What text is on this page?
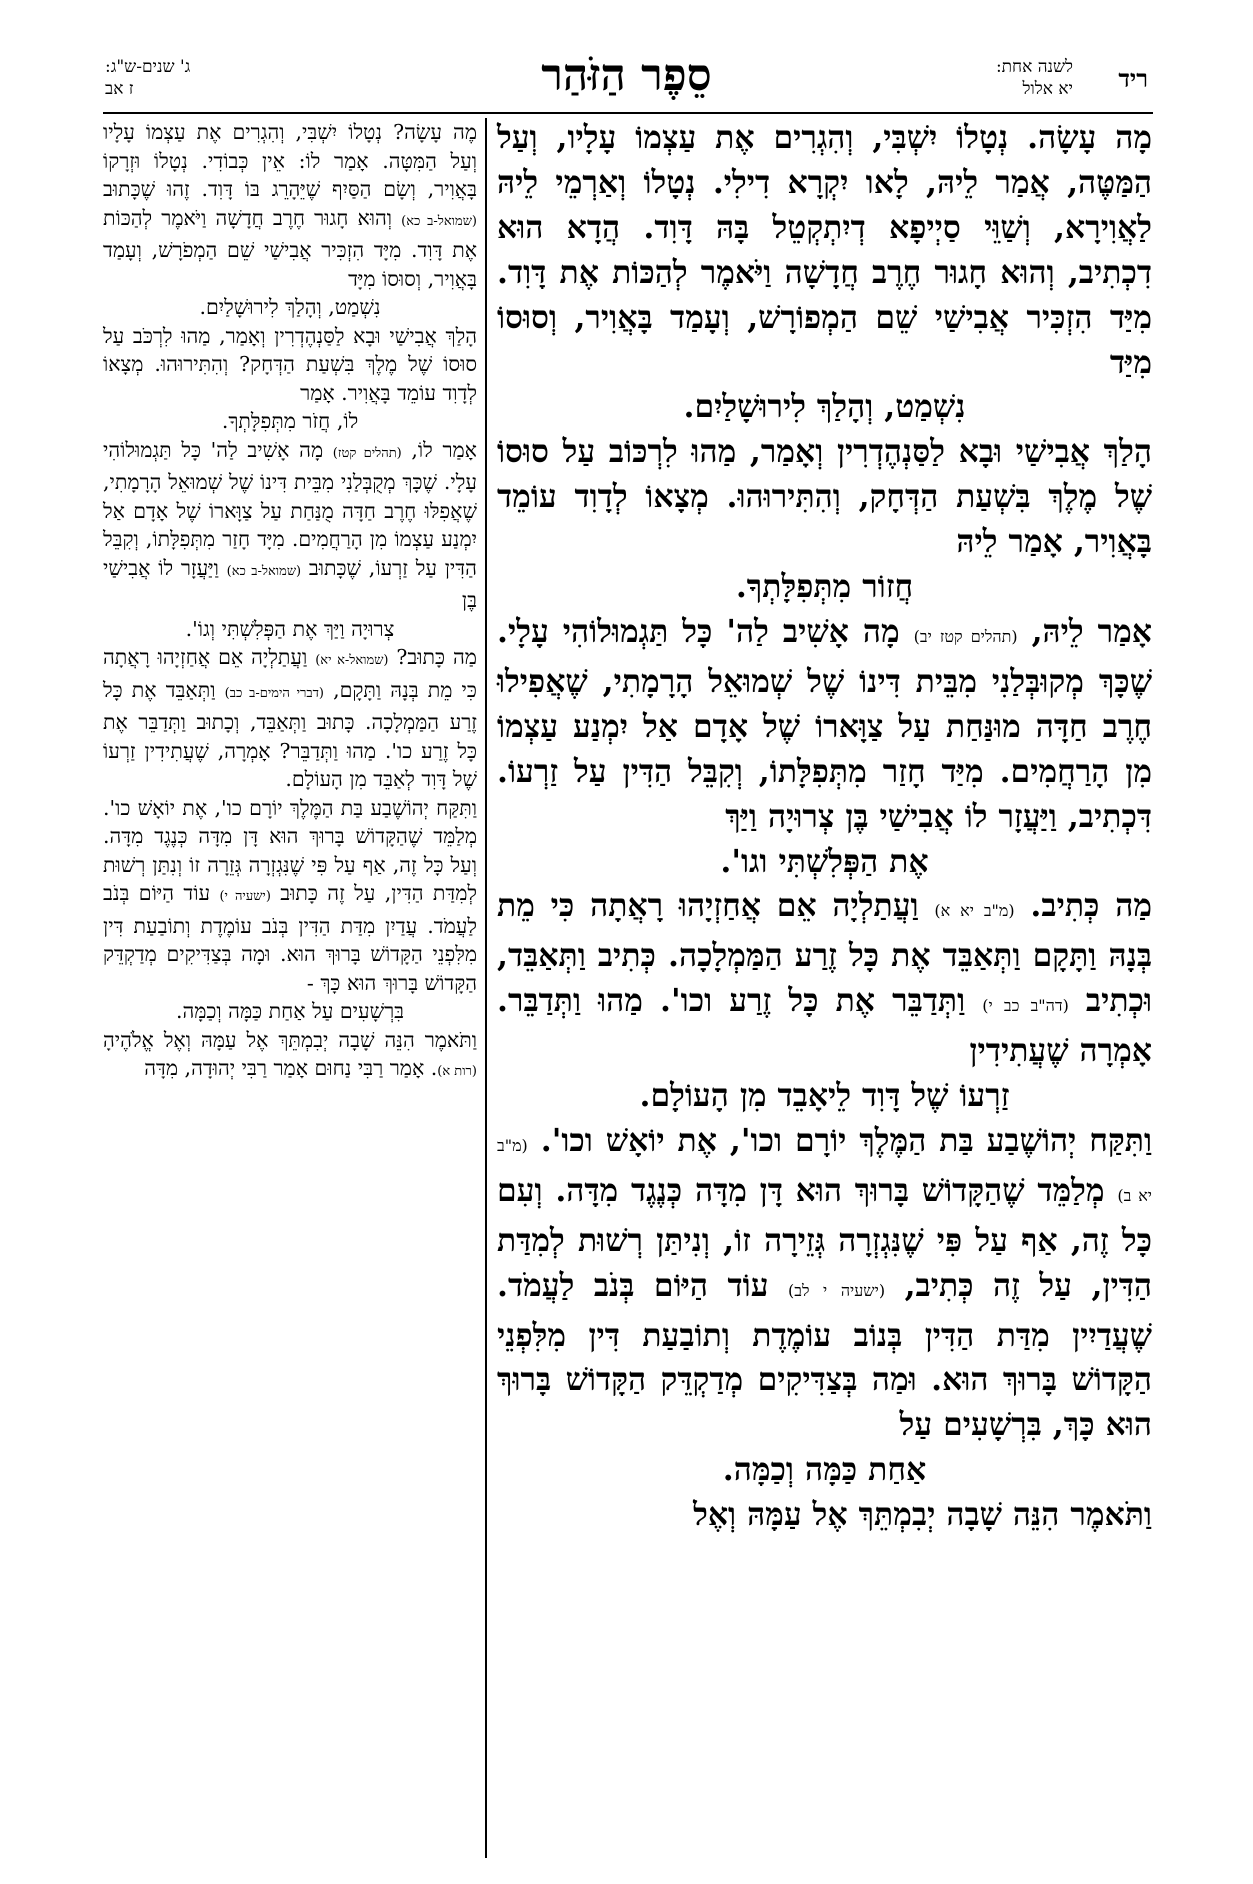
ריד
לשנה אחת:
יא אלול
סֵפֶר הַזֹּהַר
ג' שנים-ש"ג:
ז אב

מָה עָשָׂה. נְטָלוֹ יִשְׁבִּי, וְהִגְרִים אֶת עַצְמוֹ עָלָיו, וְעַל הַמַּטֶּה, אֲמַר לֵיהּ, לָאו יִקְרָא דִילִי. נְטָלוֹ וְאַרְמֵי לֵיהּ לַאֲוִירָא, וְשַׁוֵּי סַיְיפָא דְיִתְקְטֵל בָּהּ דָּוִד. הֲדָא הוּא דִכְתִיב, וְהוּא חָגוּר חֶרֶב חֲדָשָׁה וַיֹּאמֶר לְהַכּוֹת אֶת דָּוִד. מִיַּד הִזְכִּיר אֲבִישַׁי שֵׁם הַמְפוֹרָשׁ, וְעָמַד בָּאֲוִיר, וְסוּסוֹ מִיַּד

נִשְׁמַט, וְהָלַךְ לִירוּשָׁלַיִם.

הָלַךְ אֲבִישַׁי וּבָא לַסַּנְהֶדְרִין וְאָמַר, מַהוּ לִרְכּוֹב עַל סוּסוֹ שֶׁל מֶלֶךְ בִּשְׁעַת הַדְּחָק, וְהִתִּירוּהוּ. מְצָאוֹ לְדָוִד עוֹמֵד בָּאֲוִיר, אָמַר לֵיהּ

חֲזוֹר מִתְּפִלָּתְךָ.

אָמַר לֵיהּ, (תהלים קטז יב) מָה אָשִׁיב לַה' כָּל תַּגְמוּלוֹהִי עָלָי. שֶׁכָּךְ מְקוּבְּלַנִי מִבֵּית דִּינוֹ שֶׁל שְׁמוּאֵל הָרָמָתִי, שֶׁאֲפִילוּ חֶרֶב חַדָּה מוּנַּחַת עַל צַוָּארוֹ שֶׁל אָדָם אַל יִמְנַע עַצְמוֹ מִן הָרַחֲמִים. מִיַּד חָזַר מִתְּפִלָּתוֹ, וְקִבֵּל הַדִּין עַל זַרְעוֹ. דִּכְתִיב, וַיַּעֲזָר לוֹ אֲבִישַׁי בֶּן צְרוּיָה וַיַּךְ

אֶת הַפְּלִשְׁתִּי וגו'.

מַה כְּתִיב. (מ"ב יא א) וַעֲתַלְיָה אֵם אֲחַזְיָהוּ רָאֲתָה כִּי מֵת בְּנָהּ וַתָּקָם וַתְּאַבֵּד אֶת כָּל זֶרַע הַמַּמְלָכָה. כְּתִיב וַתְּאַבֵּד, וּכְתִיב (דה"ב כב י) וַתְּדַבֵּר אֶת כָּל זֶרַע וכו'. מַהוּ וַתְּדַבֵּר. אָמְרָה שֶׁעֲתִידִין

זַרְעוֹ שֶׁל דָּוִד לֵיאָבֵד מִן הָעוֹלָם.

וַתִּקַּח יְהוֹשֶׁבַע בַּת הַמֶּלֶךְ יוֹרָם וכו', אֶת יוֹאָשׁ וכו'. (מ"ב יא ב) מְלַמֵּד שֶׁהַקָּדוֹשׁ בָּרוּךְ הוּא דָּן מִדָּה כְּנֶגֶד מִדָּה. וְעִם כָּל זֶה, אַף עַל פִּי שֶׁנִּגְזְרָה גְּזֵירָה זוֹ, וְנִיתַּן רְשׁוּת לְמִדַּת הַדִּין, עַל זֶה כְּתִיב, (ישעיה י לב) עוֹד הַיּוֹם בְּנֹב לַעֲמֹד. שֶׁעֲדַיִין מִדַּת הַדִּין בְּנוֹב עוֹמֶדֶת וְתוֹבַעַת דִּין מִלִּפְנֵי הַקָּדוֹשׁ בָּרוּךְ הוּא. וּמַה בְּצַדִּיקִים מְדַקְדֵּק הַקָּדוֹשׁ בָּרוּךְ הוּא כָּךְ, בִּרְשָׁעִים עַל

אַחַת כַּמָּה וְכַמָּה.

וַתֹּאמֶר הִנֵּה שָׁבָה יְבִמְתֵּךְ אֶל עַמָּהּ וְאֶל

מֶה עָשָׂה? נְטָלוֹ יִשְׁבִּי, וְהִגְרִים אֶת עַצְמוֹ עָלָיו וְעַל הַמִּטָּה. אָמַר לוֹ: אֵין כְּבוֹדִי. נְטָלוֹ וּזְרָקוֹ בָּאֲוִיר, וְשָׂם הַסַּיִף שֶׁיֵּהָרֵג בּוֹ דָּוִד. זֶהוּ שֶׁכָּתוּב (שמואל-ב כא) וְהוּא חָגוּר חֶרֶב חֲדָשָׁה וַיֹּאמֶר לְהַכּוֹת אֶת דָּוִד. מִיָּד הִזְכִּיר אֲבִישַׁי שֵׁם הַמְפֹרָשׁ, וְעָמַד בָּאֲוִיר, וְסוּסוֹ מִיָּד

נִשְׁמַט, וְהָלַךְ לִירוּשָׁלַיִם.

הָלַךְ אֲבִישַׁי וּבָא לַסַּנְהֶדְרִין וְאָמַר, מַהוּ לִרְכֹּב עַל סוּסוֹ שֶׁל מֶלֶךְ בִּשְׁעַת הַדְּחָק? וְהִתִּירוּהוּ. מְצָאוֹ לְדָוִד עוֹמֵד בָּאֲוִיר. אָמַר

לוֹ, חֲזֹר מִתְּפִלָּתְךָ.

אָמַר לוֹ, (תהלים קטז) מָה אָשִׁיב לַה' כָּל תַּגְמוּלוֹהִי עָלָי. שֶׁכָּךְ מְקֻבְּלַנִי מִבֵּית דִּינוֹ שֶׁל שְׁמוּאֵל הָרָמָתִי, שֶׁאֲפִלּוּ חֶרֶב חַדָּה מֻנַּחַת עַל צַוָּארוֹ שֶׁל אָדָם אַל יִמְנַע עַצְמוֹ מִן הָרַחֲמִים. מִיָּד חָזַר מִתְּפִלָּתוֹ, וְקִבֵּל הַדִּין עַל זַרְעוֹ, שֶׁכָּתוּב (שמואל-ב כא) וַיַּעֲזָר לוֹ אֲבִישַׁי בֶּן

צְרוּיָה וַיַּךְ אֶת הַפְּלִשְׁתִּי וְגוֹ'.

מַה כָּתוּב? (שמואל-א יא) וַעֲתַלְיָה אֵם אֲחַזְיָהוּ רָאֲתָה כִּי מֵת בְּנָהּ וַתָּקָם, (דברי הימים-ב כב) וַתְּאַבֵּד אֶת כָּל זֶרַע הַמַּמְלָכָה. כָּתוּב וַתְּאַבֵּד, וְכָתוּב וַתְּדַבֵּר אֶת כָּל זֶרַע כו'. מַהוּ וַתְּדַבֵּר? אָמְרָה, שֶׁעֲתִידִין זַרְעוֹ שֶׁל דָּוִד לְאַבֵּד מִן הָעוֹלָם.

וַתִּקַּח יְהוֹשֶׁבַע בַּת הַמֶּלֶךְ יוֹרָם כו', אֶת יוֹאָשׁ כו'. מְלַמֵּד שֶׁהַקָּדוֹשׁ בָּרוּךְ הוּא דָּן מִדָּה כְּנֶגֶד מִדָּה. וְעַל כָּל זֶה, אַף עַל פִּי שֶׁנִּגְזְרָה גְּזֵרָה זוֹ וְנִתַּן רְשׁוּת לְמִדַּת הַדִּין, עַל זֶה כָּתוּב (ישעיה י) עוֹד הַיּוֹם בְּנֹב לַעֲמֹד. עֲדַיִן מִדַּת הַדִּין בְּנֹב עוֹמֶדֶת וְתוֹבַעַת דִּין מִלִּפְנֵי הַקָּדוֹשׁ בָּרוּךְ הוּא. וּמָה בְּצַדִּיקִים מְדַקְדֵּק הַקָּדוֹשׁ בָּרוּךְ הוּא כָּךְ -

בִּרְשָׁעִים עַל אַחַת כַּמָּה וְכַמָּה.

וַתֹּאמֶר הִנֵּה שָׁבָה יְבִמְתֵּךְ אֶל עַמָּהּ וְאֶל אֱלֹהֶיהָ (רות א). אָמַר רַבִּי נַחוּם אָמַר רַבִּי יְהוּדָה, מִדָּה
